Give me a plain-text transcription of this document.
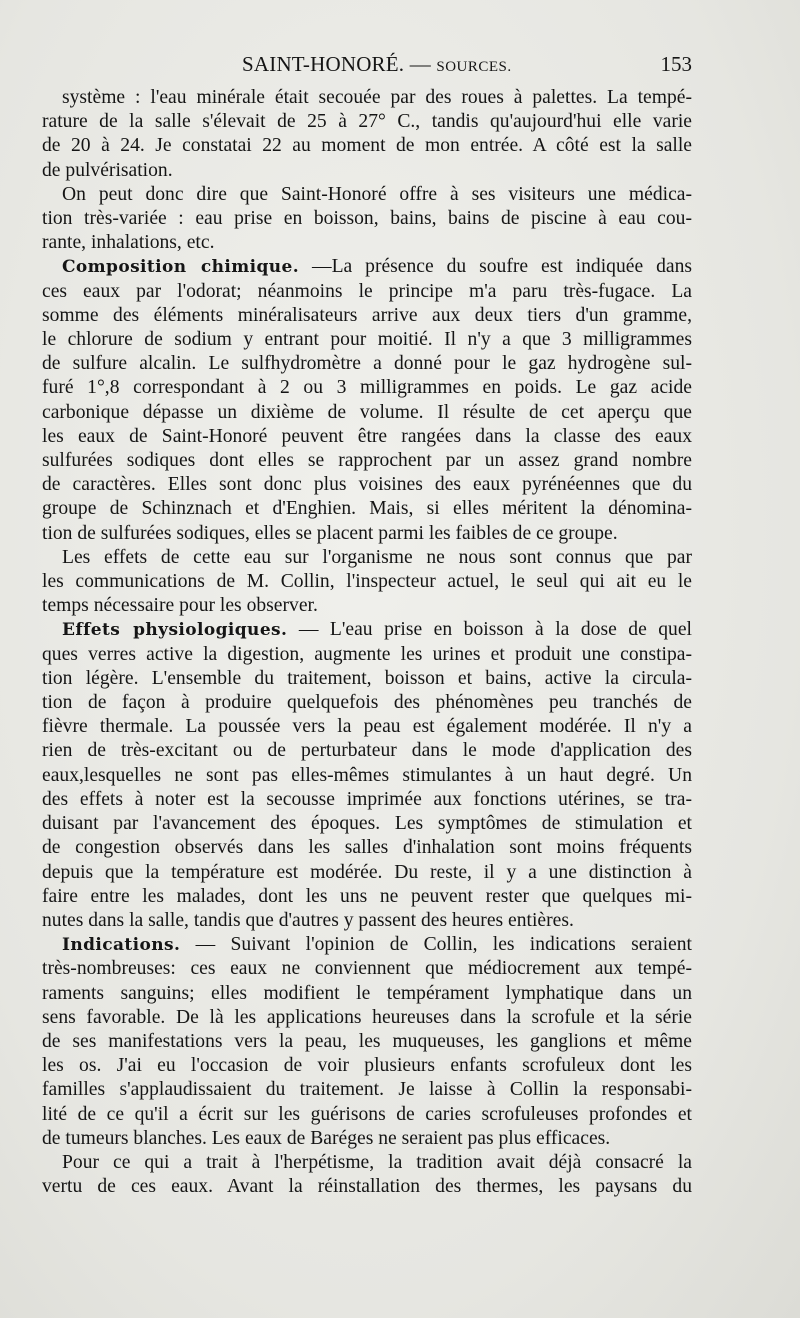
SAINT-HONORÉ. — SOURCES.	153

système : l'eau minérale était secouée par des roues à palettes. La tempé-
rature de la salle s'élevait de 25 à 27° C., tandis qu'aujourd'hui elle varie
de 20 à 24. Je constatai 22 au moment de mon entrée. A côté est la salle
de pulvérisation.

On peut donc dire que Saint-Honoré offre à ses visiteurs une médica-
tion très-variée : eau prise en boisson, bains, bains de piscine à eau cou-
rante, inhalations, etc.

Composition chimique. —La présence du soufre est indiquée dans
ces eaux par l'odorat; néanmoins le principe m'a paru très-fugace. La
somme des éléments minéralisateurs arrive aux deux tiers d'un gramme,
le chlorure de sodium y entrant pour moitié. Il n'y a que 3 milligrammes
de sulfure alcalin. Le sulfhydromètre a donné pour le gaz hydrogène sul-
furé 1°,8 correspondant à 2 ou 3 milligrammes en poids. Le gaz acide
carbonique dépasse un dixième de volume. Il résulte de cet aperçu que
les eaux de Saint-Honoré peuvent être rangées dans la classe des eaux
sulfurées sodiques dont elles se rapprochent par un assez grand nombre
de caractères. Elles sont donc plus voisines des eaux pyrénéennes que du
groupe de Schinznach et d'Enghien. Mais, si elles méritent la dénomina-
tion de sulfurées sodiques, elles se placent parmi les faibles de ce groupe.

Les effets de cette eau sur l'organisme ne nous sont connus que par
les communications de M. Collin, l'inspecteur actuel, le seul qui ait eu le
temps nécessaire pour les observer.

Effets physiologiques. — L'eau prise en boisson à la dose de quel
ques verres active la digestion, augmente les urines et produit une constipa-
tion légère. L'ensemble du traitement, boisson et bains, active la circula-
tion de façon à produire quelquefois des phénomènes peu tranchés de
fièvre thermale. La poussée vers la peau est également modérée. Il n'y a
rien de très-excitant ou de perturbateur dans le mode d'application des
eaux,lesquelles ne sont pas elles-mêmes stimulantes à un haut degré. Un
des effets à noter est la secousse imprimée aux fonctions utérines, se tra-
duisant par l'avancement des époques. Les symptômes de stimulation et
de congestion observés dans les salles d'inhalation sont moins fréquents
depuis que la température est modérée. Du reste, il y a une distinction à
faire entre les malades, dont les uns ne peuvent rester que quelques mi-
nutes dans la salle, tandis que d'autres y passent des heures entières.

Indications. — Suivant l'opinion de Collin, les indications seraient
très-nombreuses: ces eaux ne conviennent que médiocrement aux tempé-
raments sanguins; elles modifient le tempérament lymphatique dans un
sens favorable. De là les applications heureuses dans la scrofule et la série
de ses manifestations vers la peau, les muqueuses, les ganglions et même
les os. J'ai eu l'occasion de voir plusieurs enfants scrofuleux dont les
familles s'applaudissaient du traitement. Je laisse à Collin la responsabi-
lité de ce qu'il a écrit sur les guérisons de caries scrofuleuses profondes et
de tumeurs blanches. Les eaux de Baréges ne seraient pas plus efficaces.

Pour ce qui a trait à l'herpétisme, la tradition avait déjà consacré la
vertu de ces eaux. Avant la réinstallation des thermes, les paysans du
